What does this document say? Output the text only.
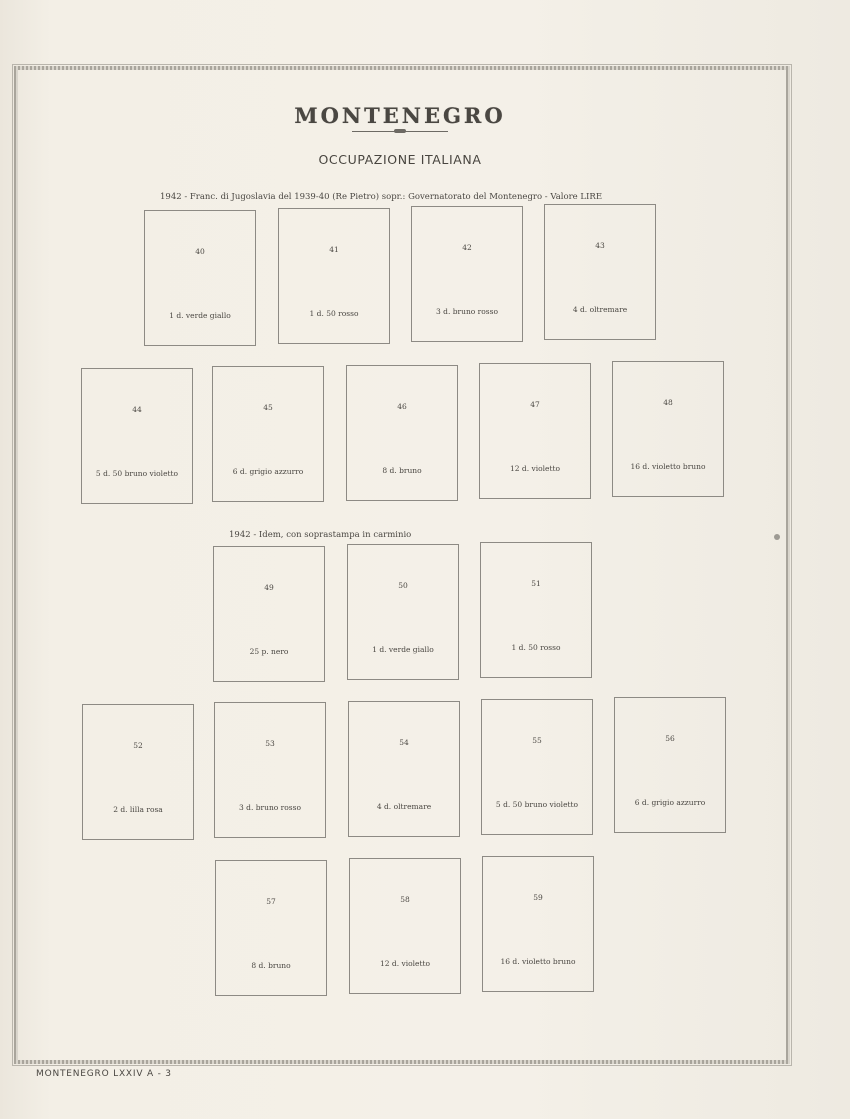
MONTENEGRO
OCCUPAZIONE ITALIANA
1942 - Franc. di Jugoslavia del 1939-40 (Re Pietro) sopr.: Governatorato del Montenegro - Valore LIRE
40
1 d. verde giallo
41
1 d. 50 rosso
42
3 d. bruno rosso
43
4 d. oltremare
44
5 d. 50 bruno violetto
45
6 d. grigio azzurro
46
8 d. bruno
47
12 d. violetto
48
16 d. violetto bruno
1942 - Idem, con soprastampa in carminio
49
25 p. nero
50
1 d. verde giallo
51
1 d. 50 rosso
52
2 d. lilla rosa
53
3 d. bruno rosso
54
4 d. oltremare
55
5 d. 50 bruno violetto
56
6 d. grigio azzurro
57
8 d. bruno
58
12 d. violetto
59
16 d. violetto bruno
MONTENEGRO LXXIV A - 3
